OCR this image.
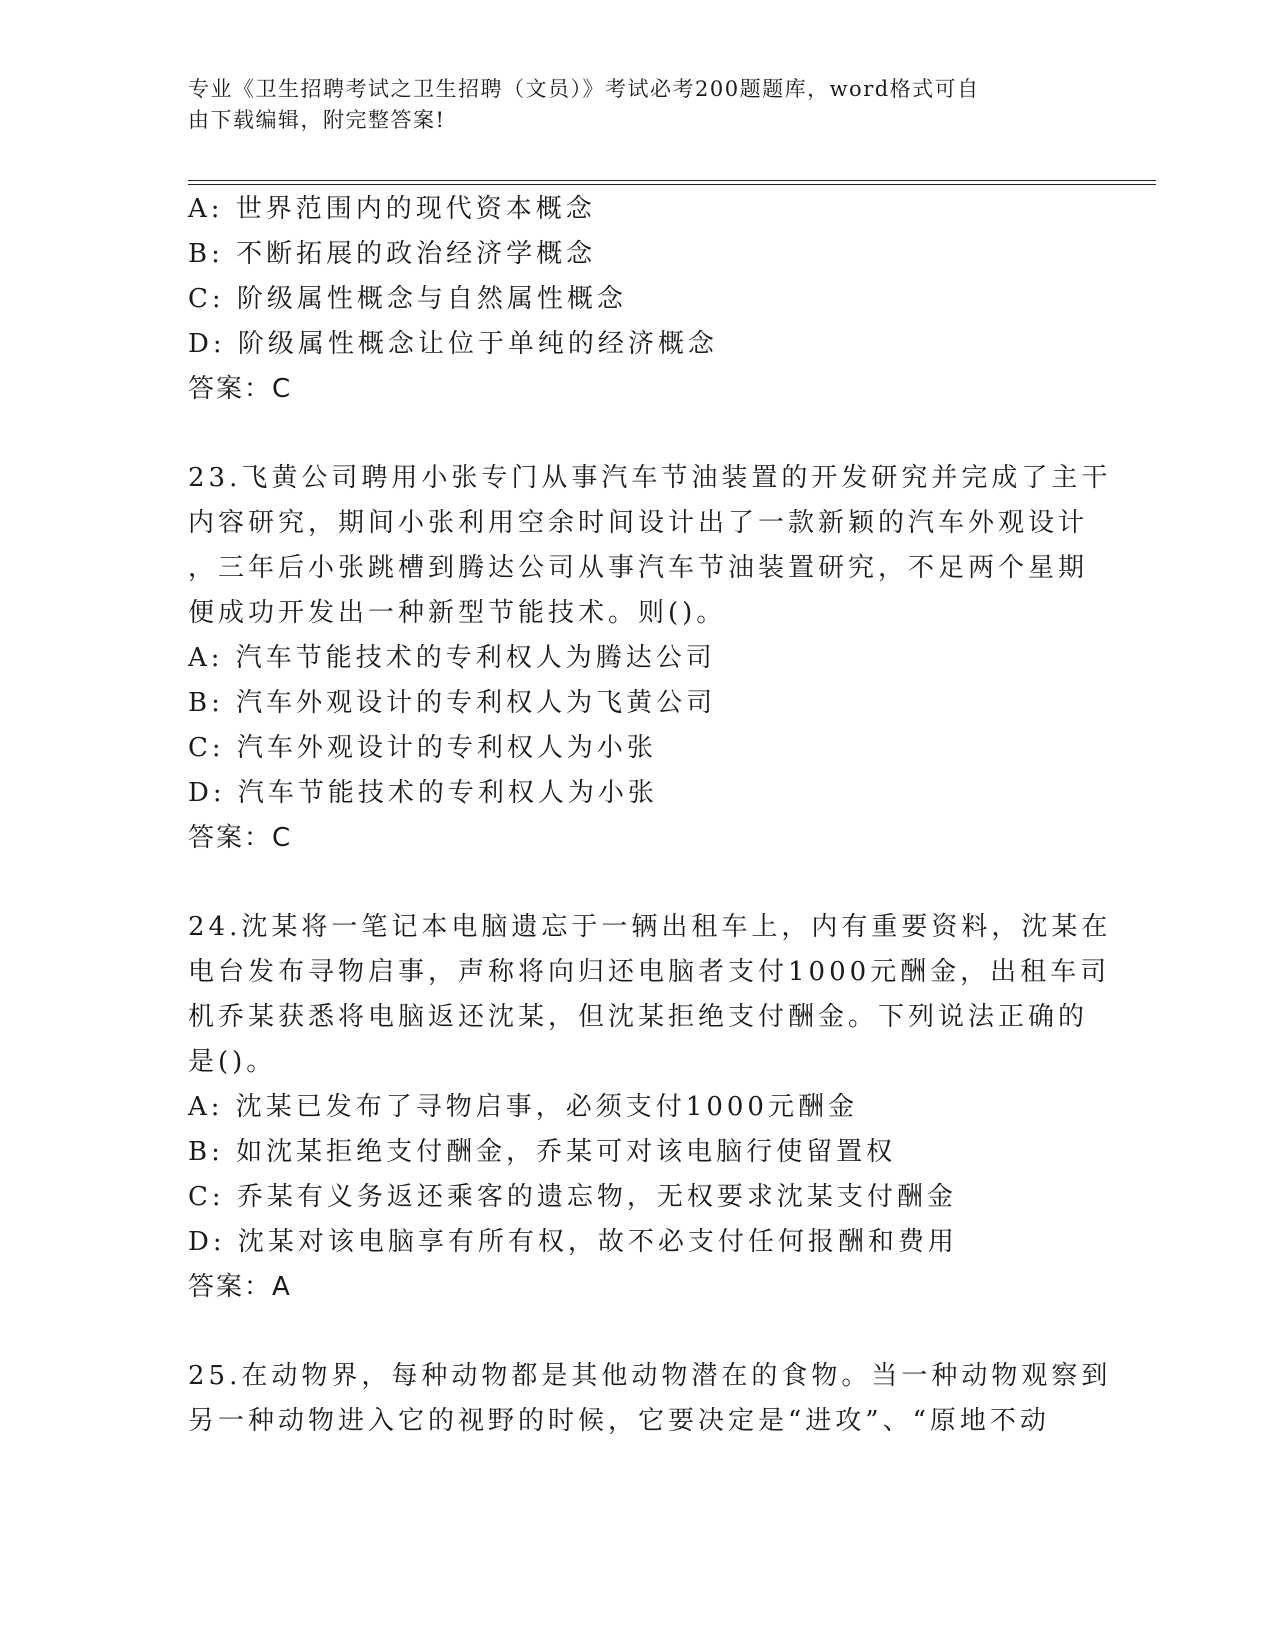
专业《卫生招聘考试之卫生招聘（文员）》考试必考200题题库，word格式可自
由下载编辑，附完整答案!
A: 世界范围内的现代资本概念
B: 不断拓展的政治经济学概念
C: 阶级属性概念与自然属性概念
D: 阶级属性概念让位于单纯的经济概念
答案：C
23.飞黄公司聘用小张专门从事汽车节油装置的开发研究并完成了主干
内容研究，期间小张利用空余时间设计出了一款新颖的汽车外观设计
，三年后小张跳槽到腾达公司从事汽车节油装置研究，不足两个星期
便成功开发出一种新型节能技术。则()。
A: 汽车节能技术的专利权人为腾达公司
B: 汽车外观设计的专利权人为飞黄公司
C: 汽车外观设计的专利权人为小张
D: 汽车节能技术的专利权人为小张
答案：C
24.沈某将一笔记本电脑遗忘于一辆出租车上，内有重要资料，沈某在
电台发布寻物启事，声称将向归还电脑者支付1000元酬金，出租车司
机乔某获悉将电脑返还沈某，但沈某拒绝支付酬金。下列说法正确的
是()。
A: 沈某已发布了寻物启事，必须支付1000元酬金
B: 如沈某拒绝支付酬金，乔某可对该电脑行使留置权
C: 乔某有义务返还乘客的遗忘物，无权要求沈某支付酬金
D: 沈某对该电脑享有所有权，故不必支付任何报酬和费用
答案：A
25.在动物界，每种动物都是其他动物潜在的食物。当一种动物观察到
另一种动物进入它的视野的时候，它要决定是“进攻”、“原地不动
